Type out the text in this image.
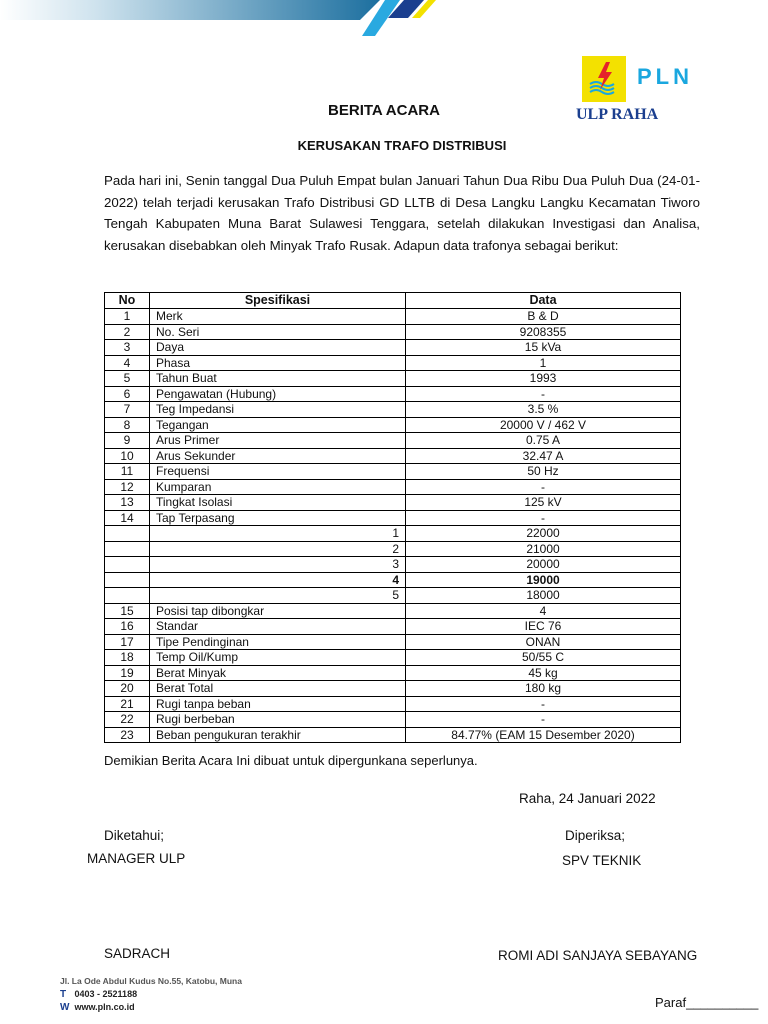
PLN
ULP RAHA
BERITA ACARA
KERUSAKAN TRAFO DISTRIBUSI
Pada hari ini, Senin tanggal Dua Puluh Empat bulan Januari Tahun Dua Ribu Dua Puluh Dua (24-01-2022) telah terjadi kerusakan Trafo Distribusi GD LLTB di Desa Langku Langku Kecamatan Tiworo Tengah Kabupaten Muna Barat Sulawesi Tenggara, setelah dilakukan Investigasi dan Analisa, kerusakan disebabkan oleh Minyak Trafo Rusak. Adapun data trafonya sebagai berikut:
No	Spesifikasi	Data
1	Merk	B & D
2	No. Seri	9208355
3	Daya	15 kVa
4	Phasa	1
5	Tahun Buat	1993
6	Pengawatan (Hubung)	-
7	Teg Impedansi	3.5 %
8	Tegangan	20000 V / 462 V
9	Arus Primer	0.75 A
10	Arus Sekunder	32.47 A
11	Frequensi	50 Hz
12	Kumparan	-
13	Tingkat Isolasi	125 kV
14	Tap Terpasang	-
	1	22000
	2	21000
	3	20000
	4	19000
	5	18000
15	Posisi tap dibongkar	4
16	Standar	IEC 76
17	Tipe Pendinginan	ONAN
18	Temp Oil/Kump	50/55 C
19	Berat Minyak	45 kg
20	Berat Total	180 kg
21	Rugi tanpa beban	-
22	Rugi berbeban	-
23	Beban pengukuran terakhir	84.77% (EAM 15 Desember 2020)
Demikian Berita Acara Ini dibuat untuk dipergunkana seperlunya.
Raha, 24 Januari 2022
Diketahui;
MANAGER ULP
SADRACH
Diperiksa;
SPV TEKNIK
ROMI ADI SANJAYA SEBAYANG
Jl. La Ode Abdul Kudus No.55, Katobu, Muna
T 0403 - 2521188
W www.pln.co.id	Paraf__________
